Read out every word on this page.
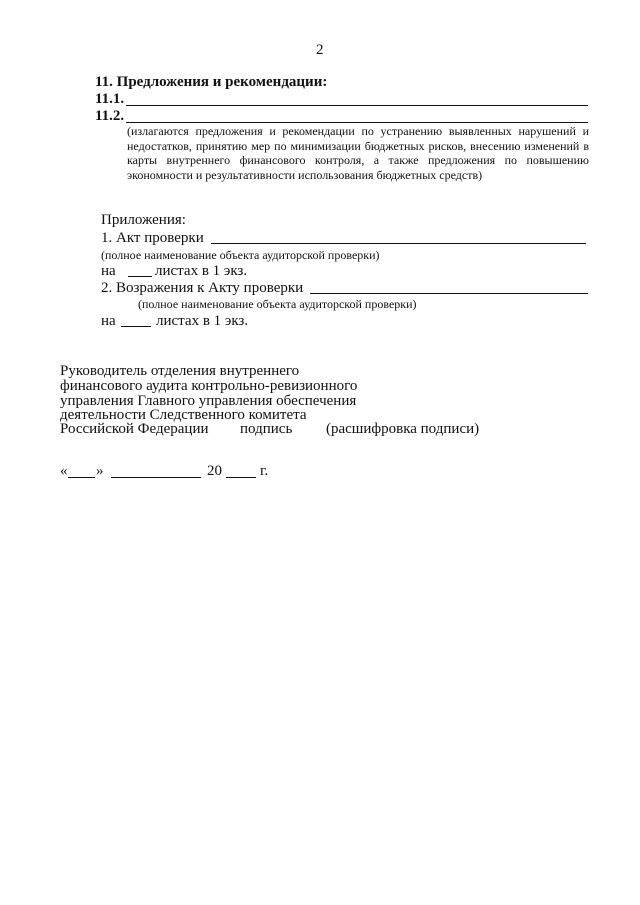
2
11. Предложения и рекомендации:
11.1.
11.2.
(излагаются предложения и рекомендации по устранению выявленных нарушений и недостатков, принятию мер по минимизации бюджетных рисков, внесению изменений в карты внутреннего финансового контроля, а также предложения по повышению экономности и результативности использования бюджетных средств)
Приложения:
1. Акт проверки
(полное наименование объекта аудиторской проверки)
на	листах в 1 экз.
2. Возражения к Акту проверки
(полное наименование объекта аудиторской проверки)
на	листах в 1 экз.
Руководитель отделения внутреннего
финансового аудита контрольно-ревизионного
управления Главного управления обеспечения
деятельности Следственного комитета
Российской Федерации подпись (расшифровка подписи)
« »	20	г.
